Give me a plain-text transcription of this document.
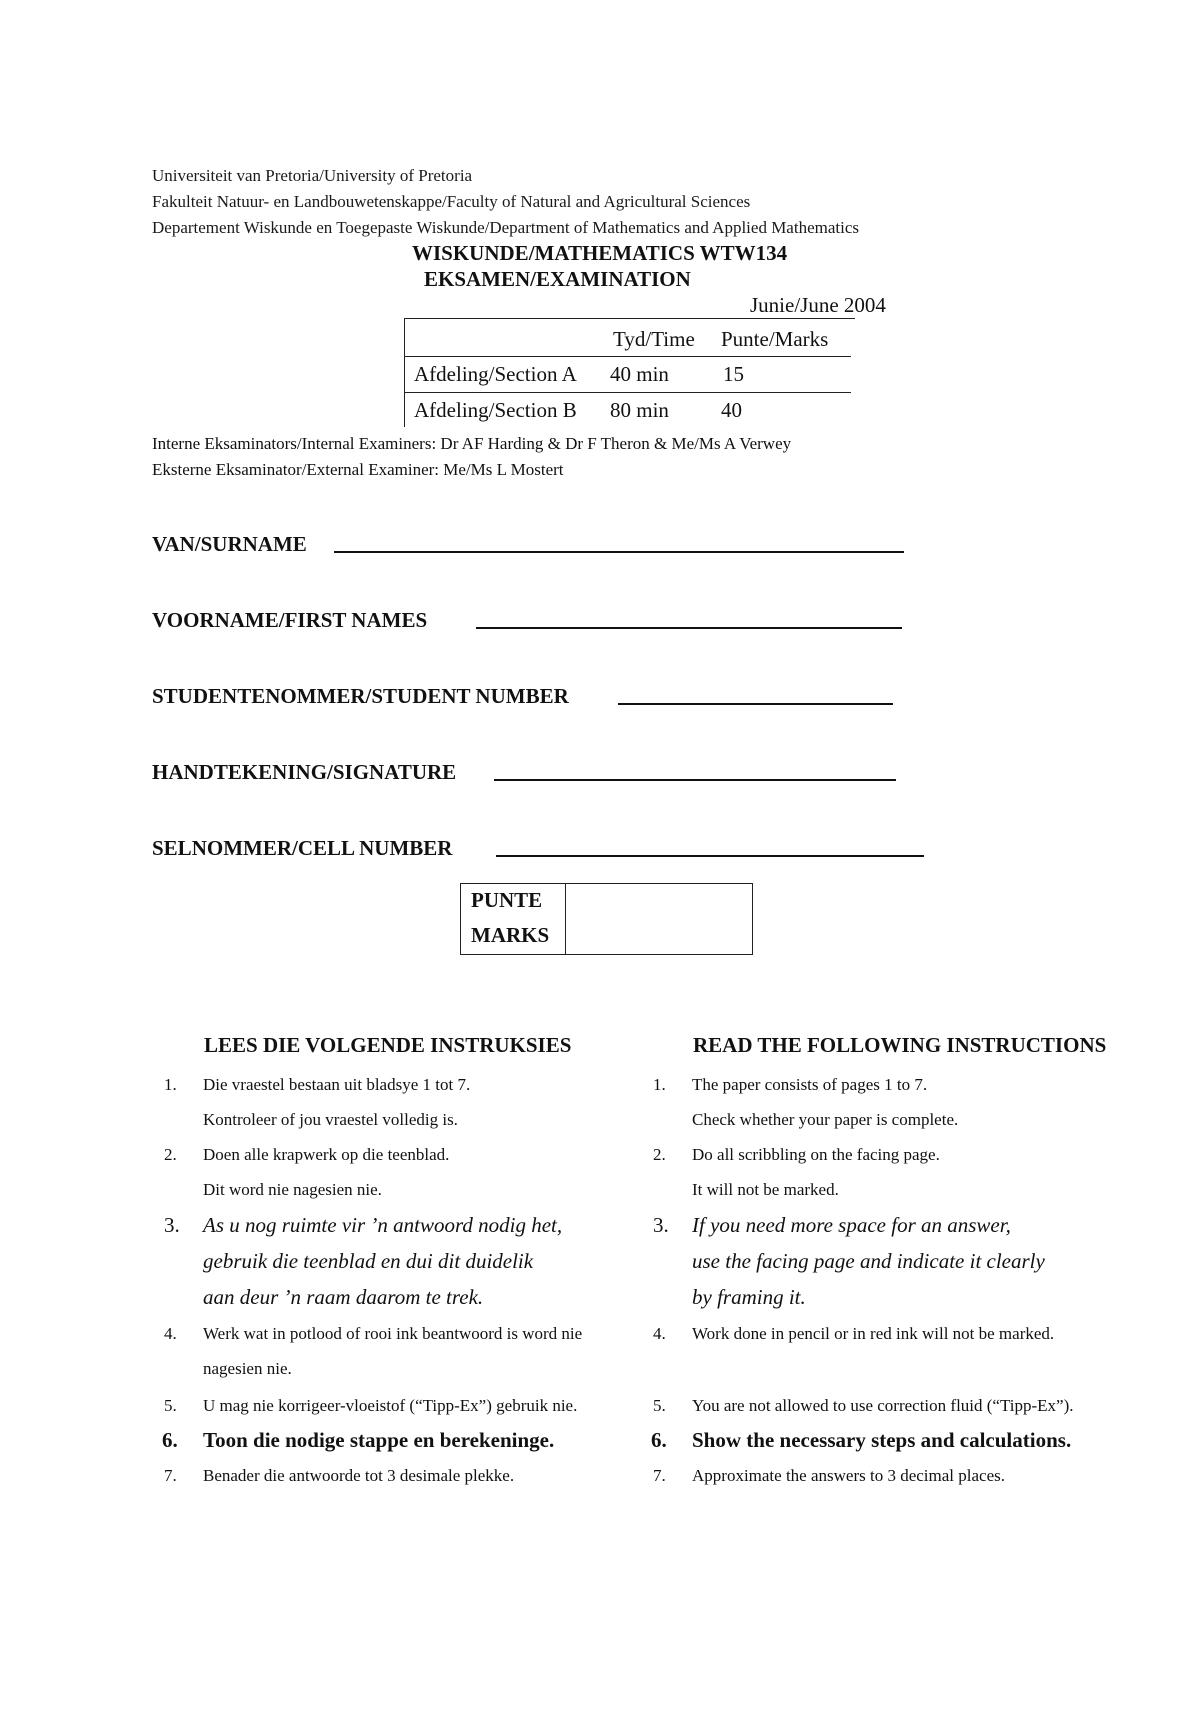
Universiteit van Pretoria/University of Pretoria
Fakulteit Natuur- en Landbouwetenskappe/Faculty of Natural and Agricultural Sciences
Departement Wiskunde en Toegepaste Wiskunde/Department of Mathematics and Applied Mathematics
WISKUNDE/MATHEMATICS WTW134
EKSAMEN/EXAMINATION
Junie/June 2004
Tyd/Time Punte/Marks
Afdeling/Section A 40 min	15
Afdeling/Section B 80 min 40
Interne Eksaminators/Internal Examiners: Dr AF Harding & Dr F Theron & Me/Ms A Verwey
Eksterne Eksaminator/External Examiner: Me/Ms L Mostert
VAN/SURNAME
VOORNAME/FIRST NAMES
STUDENTENOMMER/STUDENT NUMBER
HANDTEKENING/SIGNATURE
SELNOMMER/CELL NUMBER
PUNTE
MARKS
LEES DIE VOLGENDE INSTRUKSIES	READ THE FOLLOWING INSTRUCTIONS
1. Die vraestel bestaan uit bladsye 1 tot 7.
Kontroleer of jou vraestel volledig is.
2. Doen alle krapwerk op die teenblad.
Dit word nie nagesien nie.
3. As u nog ruimte vir ’n antwoord nodig het,
gebruik die teenblad en dui dit duidelik
aan deur ’n raam daarom te trek.
4. Werk wat in potlood of rooi ink beantwoord is word nie
nagesien nie.
5. U mag nie korrigeer-vloeistof (“Tipp-Ex”) gebruik nie.
6. Toon die nodige stappe en berekeninge.
7. Benader die antwoorde tot 3 desimale plekke.
1. The paper consists of pages 1 to 7.
Check whether your paper is complete.
2. Do all scribbling on the facing page.
It will not be marked.
3. If you need more space for an answer,
use the facing page and indicate it clearly
by framing it.
4. Work done in pencil or in red ink will not be marked.
5. You are not allowed to use correction fluid (“Tipp-Ex”).
6. Show the necessary steps and calculations.
7. Approximate the answers to 3 decimal places.
